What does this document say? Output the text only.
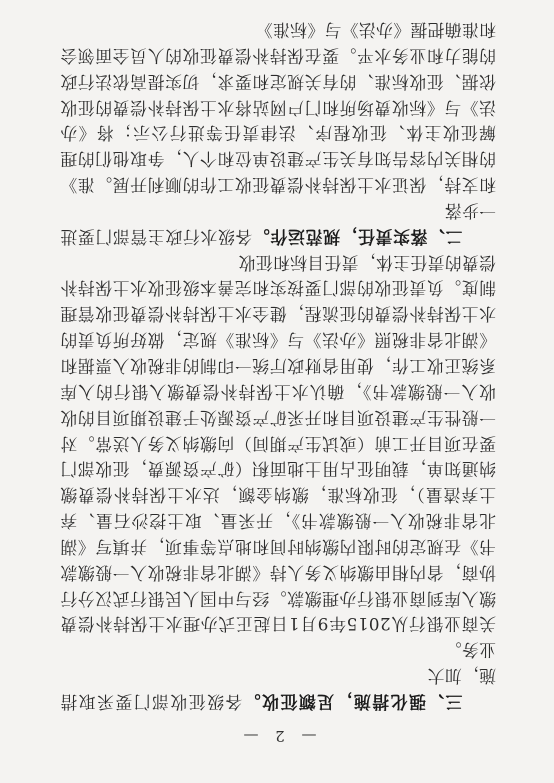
三、强化措施，足额征收。各级征收部门要采取措施，加大

业务。

关商业银行从2015年9月1日起正式办理水土保持补偿费缴入库到商业银行办理缴款。经与中国人民银行武汉分行协商，省内相由缴纳义务人持《湖北省非税收入一般缴款书》在规定的时限内缴纳时间和地点等事项，并填写《湖北省非税收入一般缴款书》，开采量、取土挖沙石量、弃土弃渣量），征收标准，缴纳金额，达水土保持补偿费缴纳通知单，载明征占用土地面积（矿产资源费，征收部门要在项目开工前（或试生产期间）向缴纳义务人送常。对一般性生产建设项目和开采矿产资源处于建设期项目的收收入一般缴款书》，确认水土保持补偿费缴入银行的入库系统正收工作，使用省财政厅统一印制的非税收入票据和《湖北省非税照《办法》与《标准》规定，做好所负责的水土保持补偿费的征流程，健全水土保持补偿费征收管理制度。负责征收的部门要按实和完善本级征收水土保持补偿费的责任主体，责任目标和征收

二、落实责任，规范运作。各级水行政主管部门要进一步落

和支持，保证水土保持补偿费征收工作的顺利开展。准》的相关内容告知有关生产建设单位和个人，争取他们的理解征收主体、征收程序、法律责任等进行公示；将《办法》与《标收费场所和门户网站将水土保持补偿费的征收依据、征收标准、的有关规定和要求，切实提高依法行政的能力和业务水平。要在保持补偿费征收的人员全面领会和准确把握《办法》与《标准》

— 2 —
